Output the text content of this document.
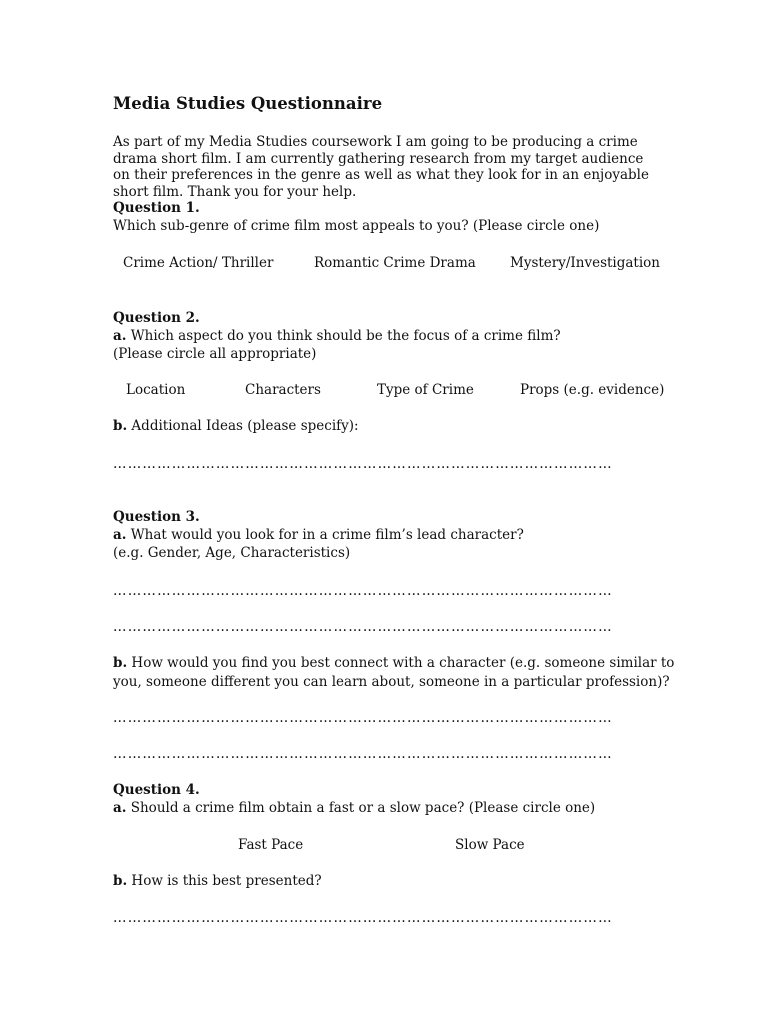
Media Studies Questionnaire
As part of my Media Studies coursework I am going to be producing a crime drama short film. I am currently gathering research from my target audience on their preferences in the genre as well as what they look for in an enjoyable short film. Thank you for your help.
Question 1.
Which sub-genre of crime film most appeals to you? (Please circle one)
Crime Action/ Thriller	Romantic Crime Drama	Mystery/Investigation
Question 2.
a. Which aspect do you think should be the focus of a crime film?
(Please circle all appropriate)
Location	Characters	Type of Crime	Props (e.g. evidence)
b. Additional Ideas (please specify):
…………………………………………………………………………………………
Question 3.
a. What would you look for in a crime film’s lead character?
(e.g. Gender, Age, Characteristics)
…………………………………………………………………………………………
…………………………………………………………………………………………
b. How would you find you best connect with a character (e.g. someone similar to
you, someone different you can learn about, someone in a particular profession)?
…………………………………………………………………………………………
…………………………………………………………………………………………
Question 4.
a. Should a crime film obtain a fast or a slow pace? (Please circle one)
Fast Pace	Slow Pace
b. How is this best presented?
…………………………………………………………………………………………
